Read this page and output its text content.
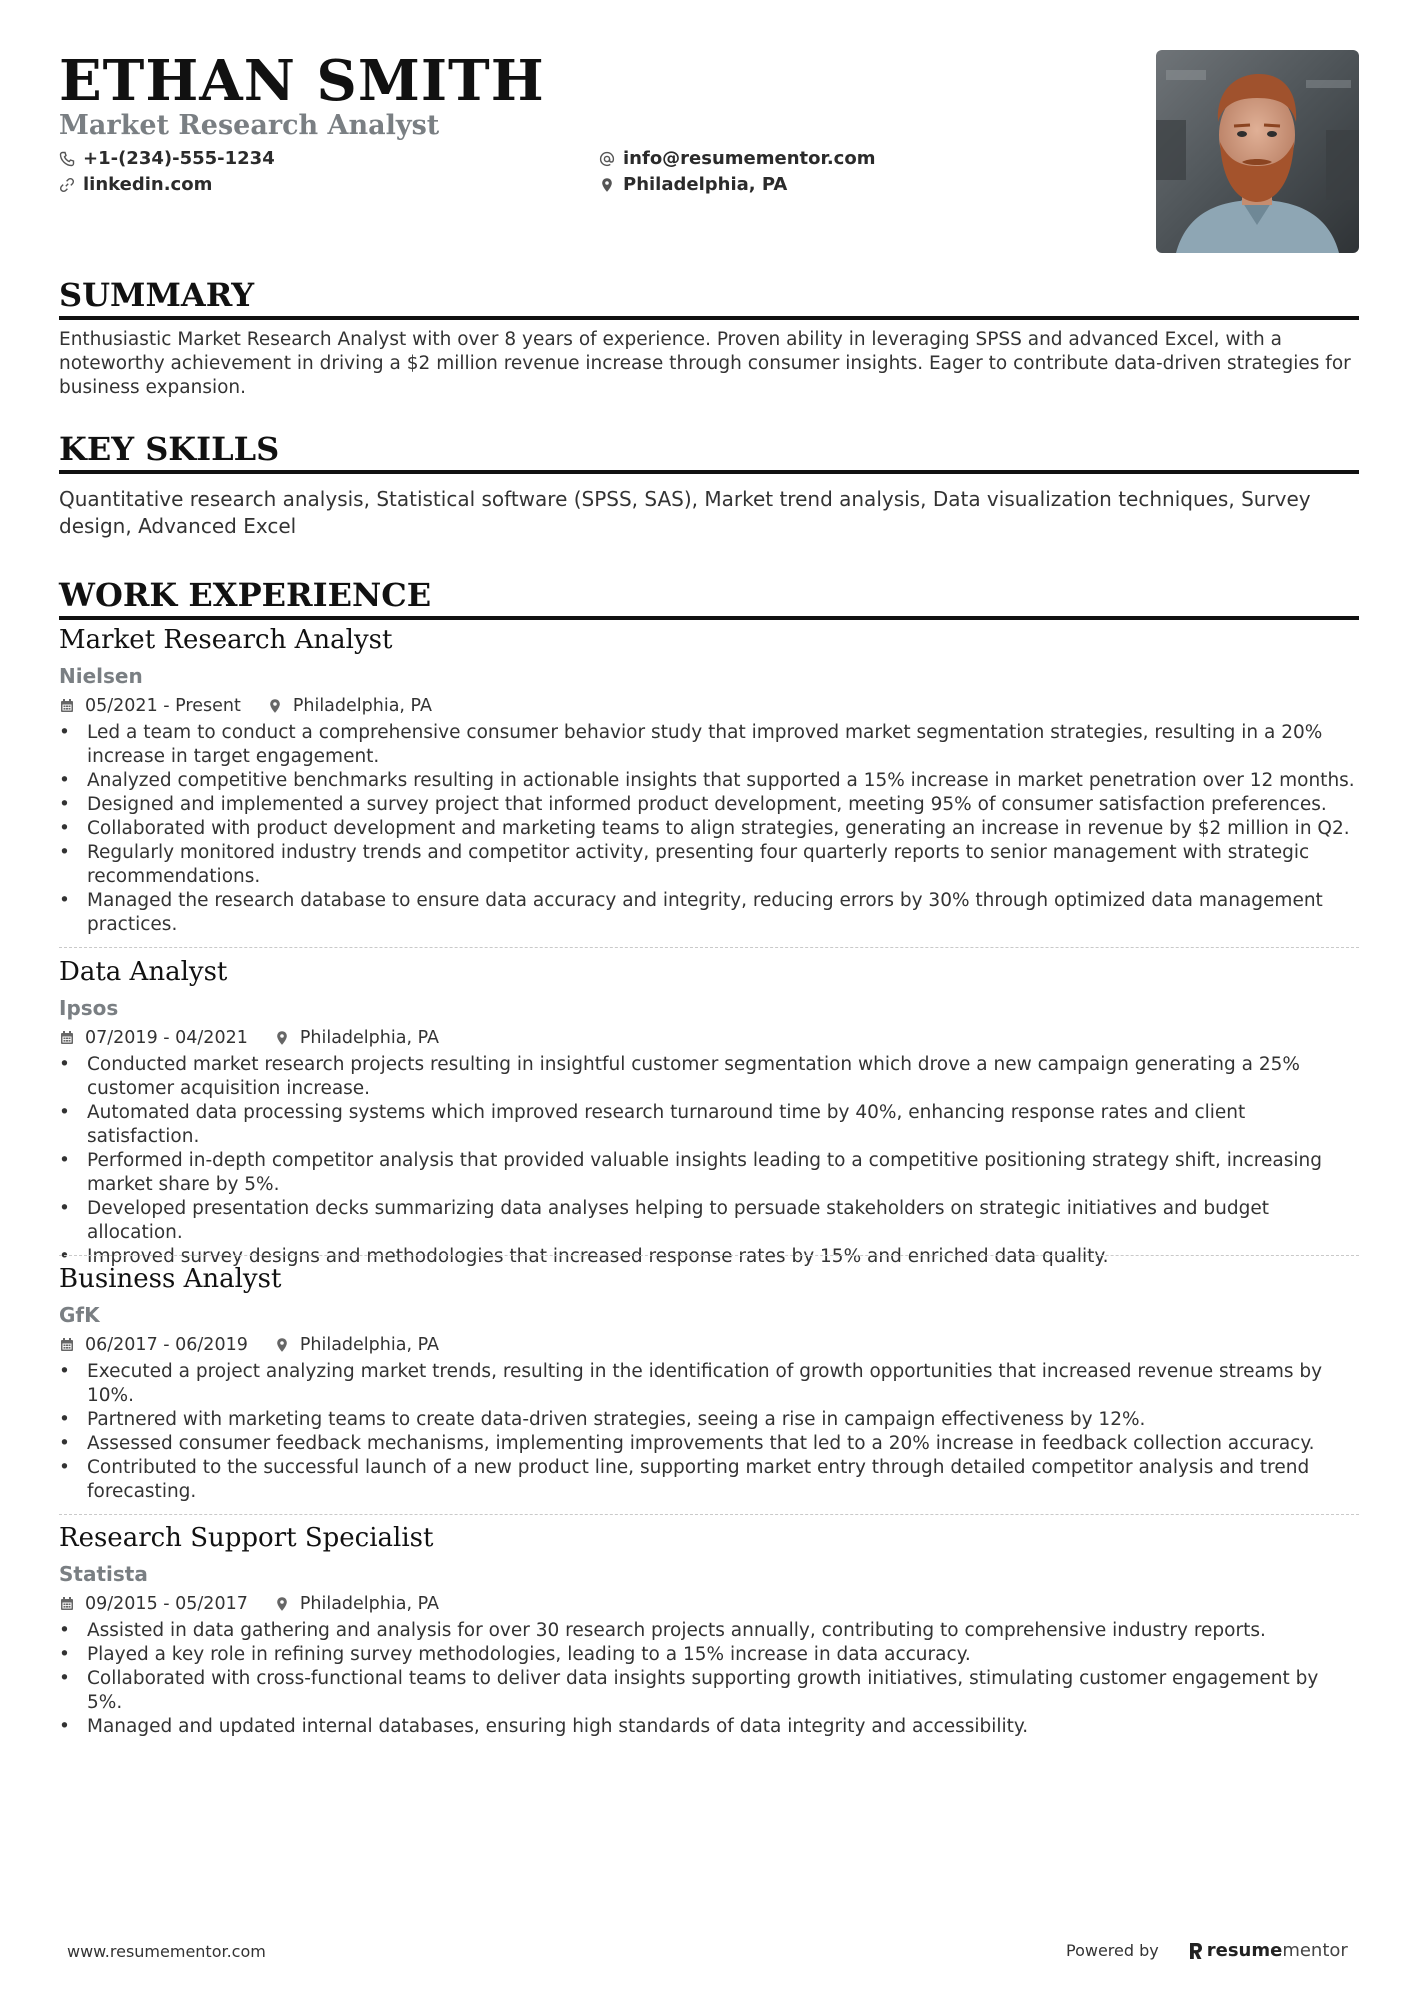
ETHAN SMITH
Market Research Analyst
+1-(234)-555-1234	info@resumementor.com
linkedin.com	Philadelphia, PA
SUMMARY
Enthusiastic Market Research Analyst with over 8 years of experience. Proven ability in leveraging SPSS and advanced Excel, with a noteworthy achievement in driving a $2 million revenue increase through consumer insights. Eager to contribute data-driven strategies for business expansion.
KEY SKILLS
Quantitative research analysis, Statistical software (SPSS, SAS), Market trend analysis, Data visualization techniques, Survey design, Advanced Excel
WORK EXPERIENCE
Market Research Analyst
Nielsen
05/2021 - Present	Philadelphia, PA
• Led a team to conduct a comprehensive consumer behavior study that improved market segmentation strategies, resulting in a 20% increase in target engagement.
• Analyzed competitive benchmarks resulting in actionable insights that supported a 15% increase in market penetration over 12 months.
• Designed and implemented a survey project that informed product development, meeting 95% of consumer satisfaction preferences.
• Collaborated with product development and marketing teams to align strategies, generating an increase in revenue by $2 million in Q2.
• Regularly monitored industry trends and competitor activity, presenting four quarterly reports to senior management with strategic recommendations.
• Managed the research database to ensure data accuracy and integrity, reducing errors by 30% through optimized data management practices.
Data Analyst
Ipsos
07/2019 - 04/2021	Philadelphia, PA
• Conducted market research projects resulting in insightful customer segmentation which drove a new campaign generating a 25% customer acquisition increase.
• Automated data processing systems which improved research turnaround time by 40%, enhancing response rates and client satisfaction.
• Performed in-depth competitor analysis that provided valuable insights leading to a competitive positioning strategy shift, increasing market share by 5%.
• Developed presentation decks summarizing data analyses helping to persuade stakeholders on strategic initiatives and budget allocation.
• Improved survey designs and methodologies that increased response rates by 15% and enriched data quality.
Business Analyst
GfK
06/2017 - 06/2019	Philadelphia, PA
• Executed a project analyzing market trends, resulting in the identification of growth opportunities that increased revenue streams by 10%.
• Partnered with marketing teams to create data-driven strategies, seeing a rise in campaign effectiveness by 12%.
• Assessed consumer feedback mechanisms, implementing improvements that led to a 20% increase in feedback collection accuracy.
• Contributed to the successful launch of a new product line, supporting market entry through detailed competitor analysis and trend forecasting.
Research Support Specialist
Statista
09/2015 - 05/2017	Philadelphia, PA
• Assisted in data gathering and analysis for over 30 research projects annually, contributing to comprehensive industry reports.
• Played a key role in refining survey methodologies, leading to a 15% increase in data accuracy.
• Collaborated with cross-functional teams to deliver data insights supporting growth initiatives, stimulating customer engagement by 5%.
• Managed and updated internal databases, ensuring high standards of data integrity and accessibility.
www.resumementor.com	Powered by	resume mentor
